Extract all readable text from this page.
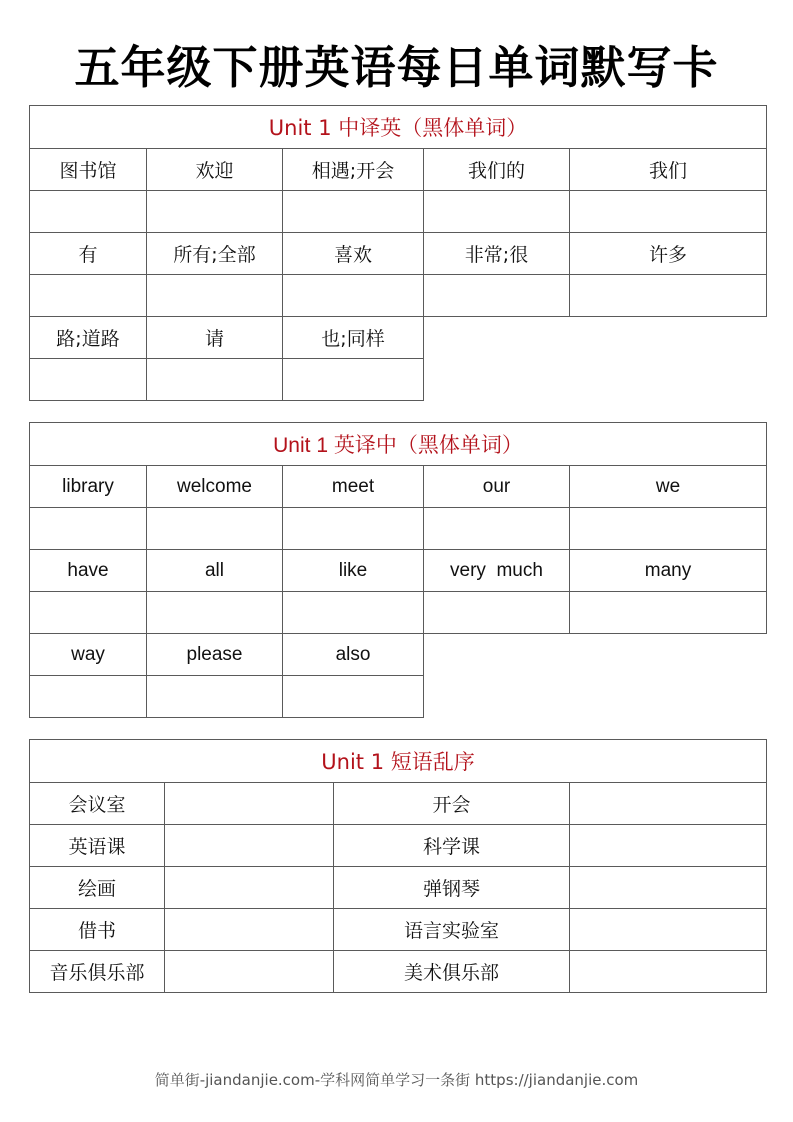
五年级下册英语每日单词默写卡
Unit 1 中译英（黑体单词）				
图书馆	欢迎	相遇;开会	我们的	我们

有	所有;全部	喜欢	非常;很	许多

路;道路	请	也;同样		

Unit 1 英译中（黑体单词）				
library	welcome	meet	our	we

have	all	like	very  much	many

way	please	also		

Unit 1 短语乱序			
会议室		开会	
英语课		科学课	
绘画		弹钢琴	
借书		语言实验室	
音乐俱乐部		美术俱乐部	
简单街-jiandanjie.com-学科网简单学习一条街 https://jiandanjie.com
